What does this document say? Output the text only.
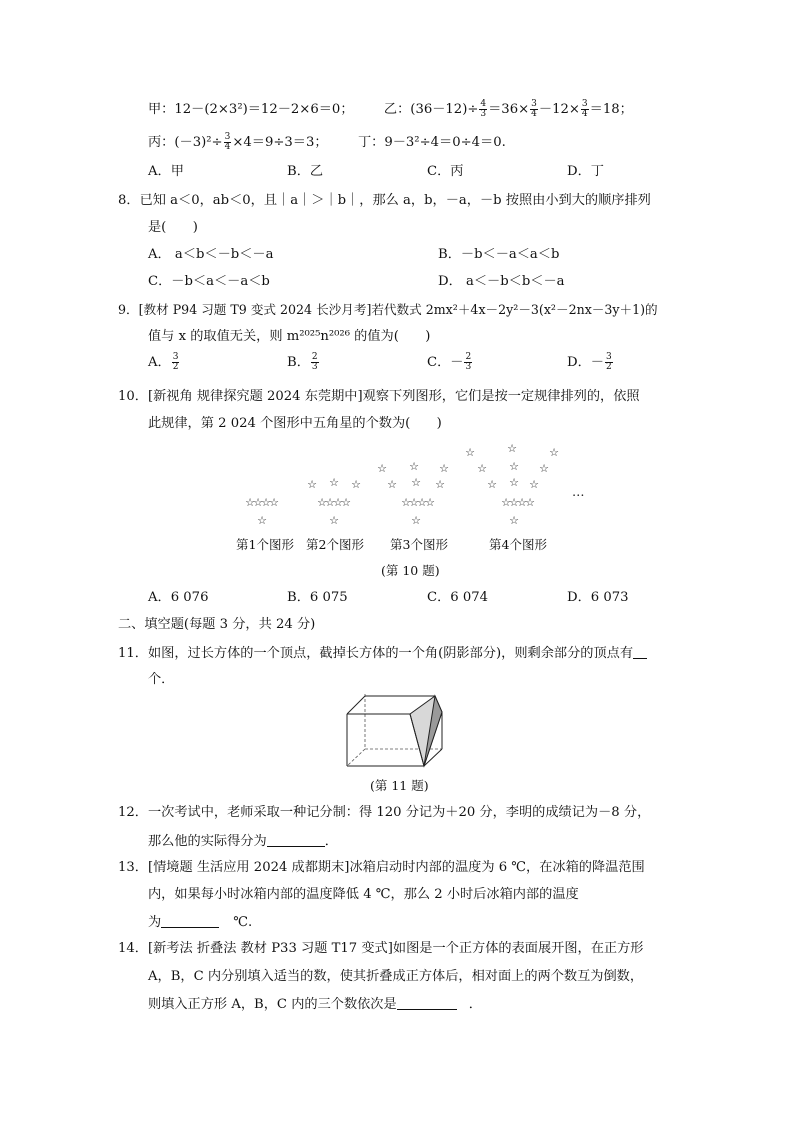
甲：12－(2×3²)＝12－2×6＝0； 乙：$(36-12)\div \frac{4}{3} =36\times \frac{3}{4} -12\times \frac{3}{4} =18$；
丙：$(-3)^2\div \frac{3}{4} \times 4=9\div 3=3$； 丁：9－3²÷4＝0÷4＝0.
A．甲	B．乙	C．丙	D．丁
8．已知 a＜0，ab＜0，且｜a｜＞｜b｜，那么 a，b，－a，－b 按照由小到大的顺序排列
是(　　)
A． a＜b＜－b＜－a	B．－b＜－a＜a＜b
C．－b＜a＜－a＜b	D． a＜－b＜b＜－a
9．[教材 P94 习题 T9 变式 2024 长沙月考]若代数式 2mx²＋4x－2y²－3(x²－2nx－3y＋1)的
值与 x 的取值无关，则 m²⁰²⁵n²⁰²⁶ 的值为(　　)
A． $\frac{3}{2}$	B． $\frac{2}{3}$	C．－ $\frac{2}{3}$	D．－ $\frac{3}{2}$
10．[新视角 规律探究题 2024 东莞期中]观察下列图形，它们是按一定规律排列的，依照
此规律，第 2 024 个图形中五角星的个数为(　　)
☆
☆
☆
☆
☆
☆ ☆ ☆
☆
☆
☆
☆
☆
☆ ☆ ☆
☆ ☆ ☆
☆
☆
☆
☆
☆
☆	☆	☆
☆ ☆ ☆
☆ ☆ ☆
☆
☆
☆
☆
☆
第1个图形 第2个图形 第3个图形	第4个图形
…
(第 10 题)
A．6 076	B．6 075	C．6 074	D．6 073
二、填空题(每题 3 分，共 24 分)
11．如图，过长方体的一个顶点，截掉长方体的一个角(阴影部分)，则剩余部分的顶点有
个．
(第 11 题)
12．一次考试中，老师采取一种记分制：得 120 分记为＋20 分，李明的成绩记为－8 分，
那么他的实际得分为	．
13．[情境题 生活应用 2024 成都期末]冰箱启动时内部的温度为 6 ℃，在冰箱的降温范围
内，如果每小时冰箱内部的温度降低 4 ℃，那么 2 小时后冰箱内部的温度
为	℃.
14．[新考法 折叠法 教材 P33 习题 T17 变式]如图是一个正方体的表面展开图，在正方形
A，B，C 内分别填入适当的数，使其折叠成正方体后，相对面上的两个数互为倒数，
则填入正方形 A，B，C 内的三个数依次是	．
